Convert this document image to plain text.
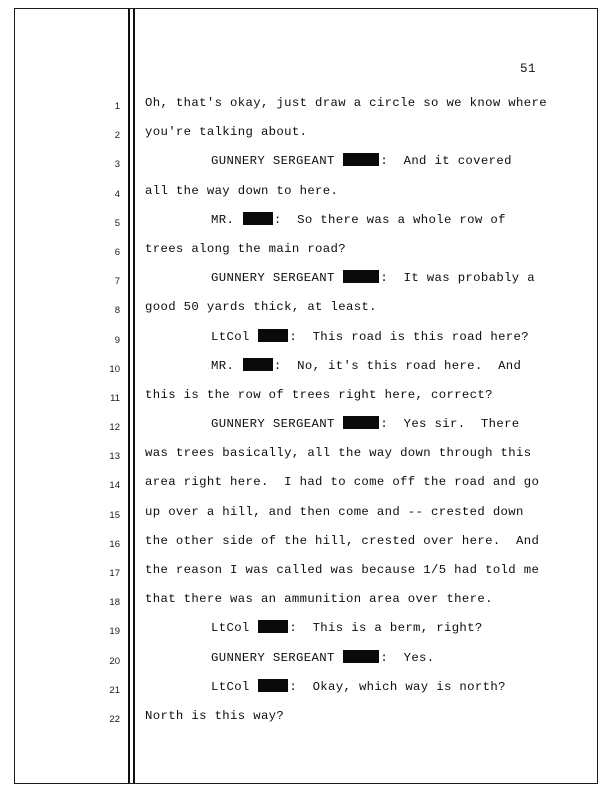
51
1 Oh, that's okay, just draw a circle so we know where
2 you're talking about.
3	GUNNERY SERGEANT	:  And it covered
4 all the way down to here.
5	MR.	:  So there was a whole row of
6 trees along the main road?
7	GUNNERY SERGEANT	:  It was probably a
8 good 50 yards thick, at least.
9	LtCol	:  This road is this road here?
10	MR.	:  No, it's this road here.  And
11 this is the row of trees right here, correct?
12	GUNNERY SERGEANT	:  Yes sir.  There
13 was trees basically, all the way down through this
14 area right here.  I had to come off the road and go
15 up over a hill, and then come and -- crested down
16 the other side of the hill, crested over here.  And
17 the reason I was called was because 1/5 had told me
18 that there was an ammunition area over there.
19	LtCol	:  This is a berm, right?
20	GUNNERY SERGEANT	:  Yes.
21	LtCol	:  Okay, which way is north?
22 North is this way?
